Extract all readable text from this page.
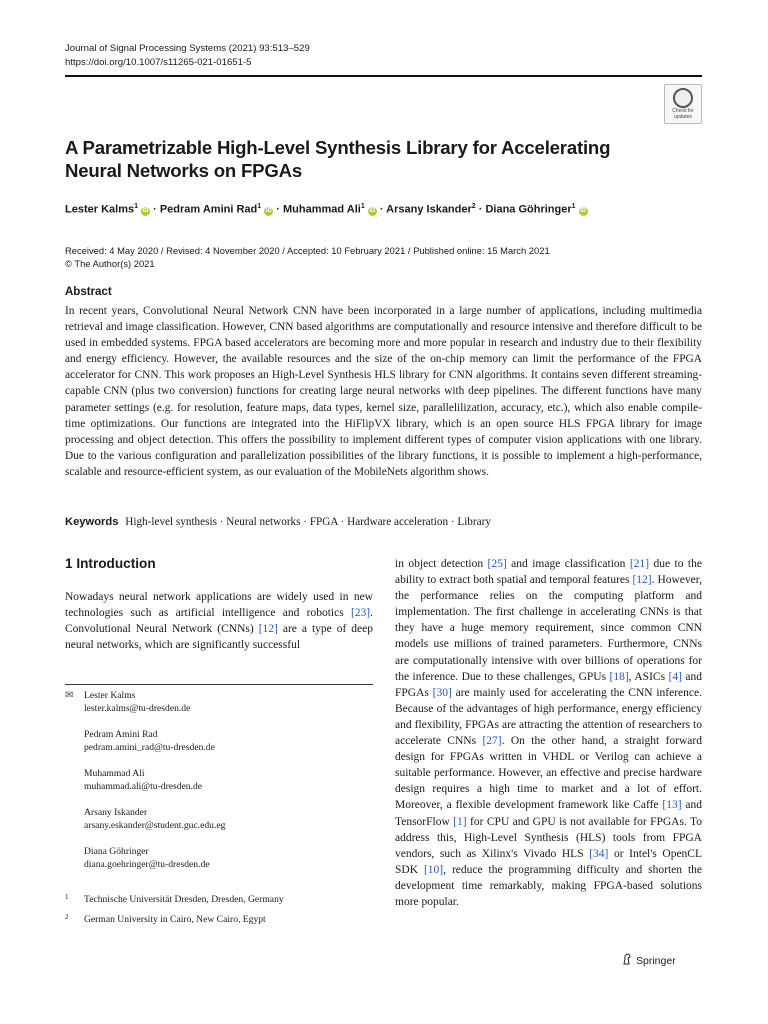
Journal of Signal Processing Systems (2021) 93:513–529
https://doi.org/10.1007/s11265-021-01651-5
Check for
updates
A Parametrizable High-Level Synthesis Library for Accelerating Neural Networks on FPGAs
Lester Kalms$^1$ iD · Pedram Amini Rad$^1$ iD · Muhammad Ali$^1$ iD · Arsany Iskander$^2$ · Diana Göhringer$^1$ iD
Received: 4 May 2020 / Revised: 4 November 2020 / Accepted: 10 February 2021 / Published online: 15 March 2021
© The Author(s) 2021
Abstract

In recent years, Convolutional Neural Network CNN have been incorporated in a large number of applications, including multimedia retrieval and image classification. However, CNN based algorithms are computationally and resource intensive and therefore difficult to be used in embedded systems. FPGA based accelerators are becoming more and more popular in research and industry due to their flexibility and energy efficiency. However, the available resources and the size of the on-chip memory can limit the performance of the FPGA accelerator for CNN. This work proposes an High-Level Synthesis HLS library for CNN algorithms. It contains seven different streaming-capable CNN (plus two conversion) functions for creating large neural networks with deep pipelines. The different functions have many parameter settings (e.g. for resolution, feature maps, data types, kernel size, parallelilization, accuracy, etc.), which also enable compile-time optimizations. Our functions are integrated into the HiFlipVX library, which is an open source HLS FPGA library for image processing and object detection. This offers the possibility to implement different types of computer vision applications with one library. Due to the various configuration and parallelization possibilities of the library functions, it is possible to implement a high-performance, scalable and resource-efficient system, as our evaluation of the MobileNets algorithm shows.

Keywords High-level synthesis · Neural networks · FPGA · Hardware acceleration · Library
1 Introduction

Nowadays neural network applications are widely used in new technologies such as artificial intelligence and robotics [23]. Convolutional Neural Network (CNNs) [12] are a type of deep neural networks, which are significantly successful

✉ Lester Kalms
lester.kalms@tu-dresden.de
Pedram Amini Rad
pedram.amini_rad@tu-dresden.de
Muhammad Ali
muhammad.ali@tu-dresden.de
Arsany Iskander
arsany.eskander@student.guc.edu.eg
Diana Göhringer
diana.goehringer@tu-dresden.de
1 Technische Universität Dresden, Dresden, Germany
2 German University in Cairo, New Cairo, Egypt

in object detection [25] and image classification [21] due to the ability to extract both spatial and temporal features [12]. However, the performance relies on the computing platform and implementation. The first challenge in accelerating CNNs is that they have a huge memory requirement, since common CNN models use millions of trained parameters. Furthermore, CNNs are computationally intensive with over billions of operations for the inference. Due to these challenges, GPUs [18], ASICs [4] and FPGAs [30] are mainly used for accelerating the CNN inference. Because of the advantages of high performance, energy efficiency and flexibility, FPGAs are attracting the attention of researchers to accelerate CNNs [27]. On the other hand, a straight forward design for FPGAs written in VHDL or Verilog can achieve a suitable performance. However, an effective and precise hardware design requires a high time to market and a lot of effort. Moreover, a flexible development framework like Caffe [13] and TensorFlow [1] for CPU and GPU is not available for FPGAs. To address this, High-Level Synthesis (HLS) tools from FPGA vendors, such as Xilinx's Vivado HLS [34] or Intel's OpenCL SDK [10], reduce the programming difficulty and shorten the development time remarkably, making FPGA-based solutions more popular.

Springer
